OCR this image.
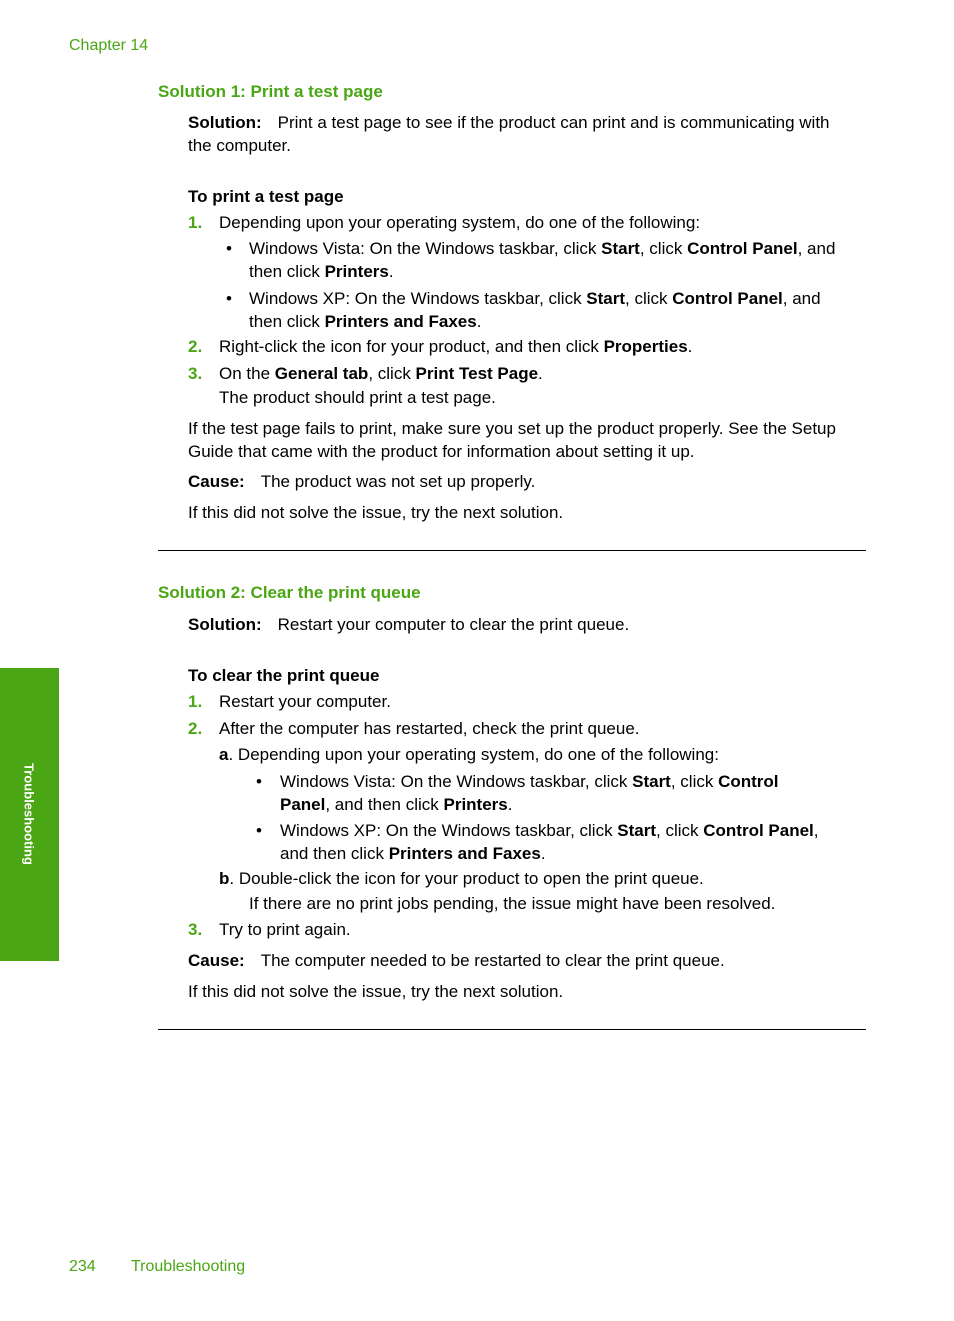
Chapter 14
Troubleshooting
Solution 1: Print a test page
Solution: Print a test page to see if the product can print and is communicating with
the computer.
To print a test page
1. Depending upon your operating system, do one of the following:
• Windows Vista: On the Windows taskbar, click Start, click Control Panel, and
then click Printers.
• Windows XP: On the Windows taskbar, click Start, click Control Panel, and
then click Printers and Faxes.
2. Right-click the icon for your product, and then click Properties.
3. On the General tab, click Print Test Page.
The product should print a test page.
If the test page fails to print, make sure you set up the product properly. See the Setup
Guide that came with the product for information about setting it up.
Cause: The product was not set up properly.
If this did not solve the issue, try the next solution.
Solution 2: Clear the print queue
Solution: Restart your computer to clear the print queue.
To clear the print queue
1. Restart your computer.
2. After the computer has restarted, check the print queue.
a. Depending upon your operating system, do one of the following:
• Windows Vista: On the Windows taskbar, click Start, click Control
Panel, and then click Printers.
• Windows XP: On the Windows taskbar, click Start, click Control Panel,
and then click Printers and Faxes.
b. Double-click the icon for your product to open the print queue.
If there are no print jobs pending, the issue might have been resolved.
3. Try to print again.
Cause: The computer needed to be restarted to clear the print queue.
If this did not solve the issue, try the next solution.
234 Troubleshooting
